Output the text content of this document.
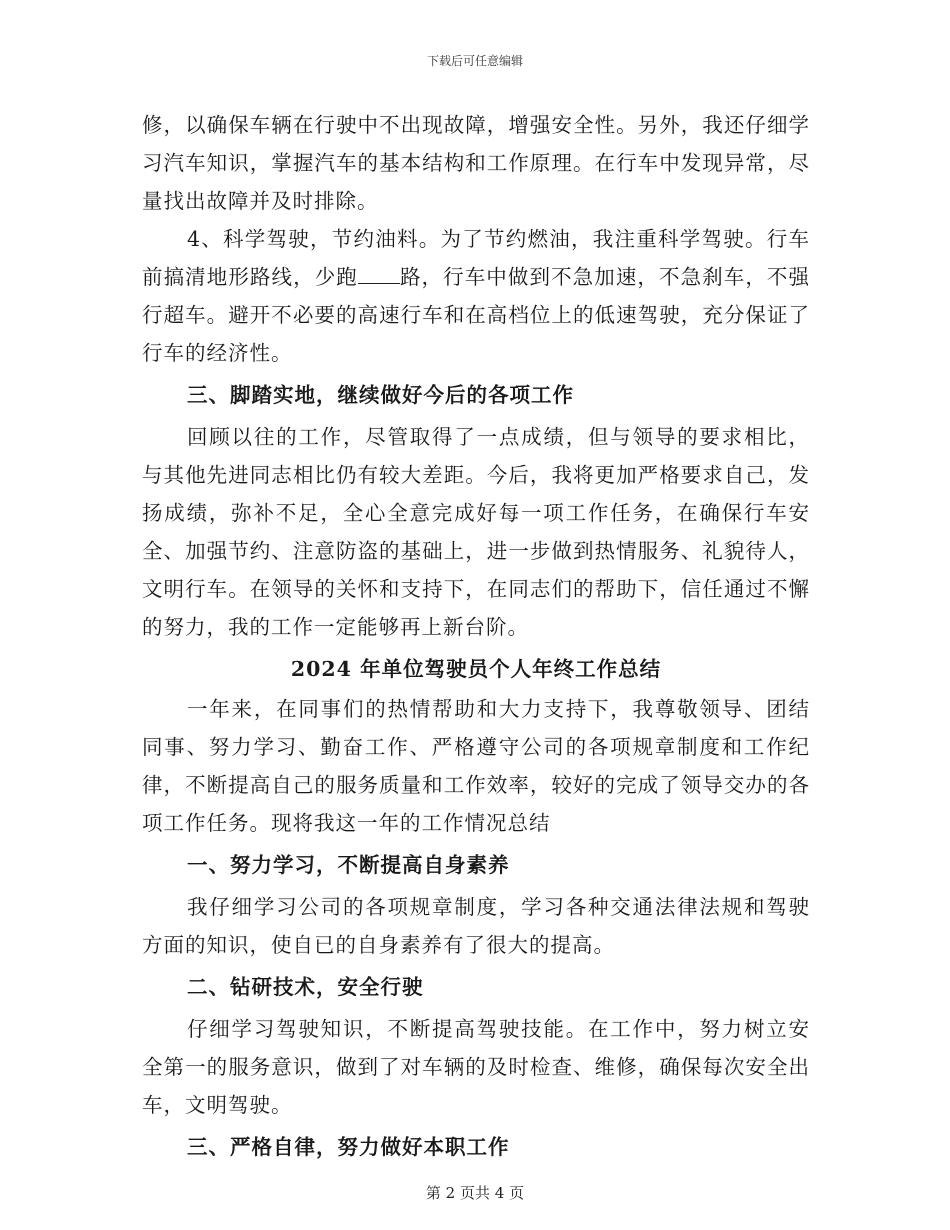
下载后可任意编辑

修，以确保车辆在行驶中不出现故障，增强安全性。另外，我还仔细学习汽车知识，掌握汽车的基本结构和工作原理。在行车中发现异常，尽量找出故障并及时排除。

4、科学驾驶，节约油料。为了节约燃油，我注重科学驾驶。行车前搞清地形路线，少跑 路，行车中做到不急加速，不急刹车，不强行超车。避开不必要的高速行车和在高档位上的低速驾驶，充分保证了行车的经济性。

三、脚踏实地，继续做好今后的各项工作

回顾以往的工作，尽管取得了一点成绩，但与领导的要求相比，与其他先进同志相比仍有较大差距。今后，我将更加严格要求自己，发扬成绩，弥补不足，全心全意完成好每一项工作任务，在确保行车安全、加强节约、注意防盗的基础上，进一步做到热情服务、礼貌待人，文明行车。在领导的关怀和支持下，在同志们的帮助下，信任通过不懈的努力，我的工作一定能够再上新台阶。

2024 年单位驾驶员个人年终工作总结

一年来，在同事们的热情帮助和大力支持下，我尊敬领导、团结同事、努力学习、勤奋工作、严格遵守公司的各项规章制度和工作纪律，不断提高自己的服务质量和工作效率，较好的完成了领导交办的各项工作任务。现将我这一年的工作情况总结

一、努力学习，不断提高自身素养

我仔细学习公司的各项规章制度，学习各种交通法律法规和驾驶方面的知识，使自已的自身素养有了很大的提高。

二、钻研技术，安全行驶

仔细学习驾驶知识，不断提高驾驶技能。在工作中，努力树立安全第一的服务意识，做到了对车辆的及时检查、维修，确保每次安全出车，文明驾驶。

三、严格自律，努力做好本职工作

第 2 页共 4 页
